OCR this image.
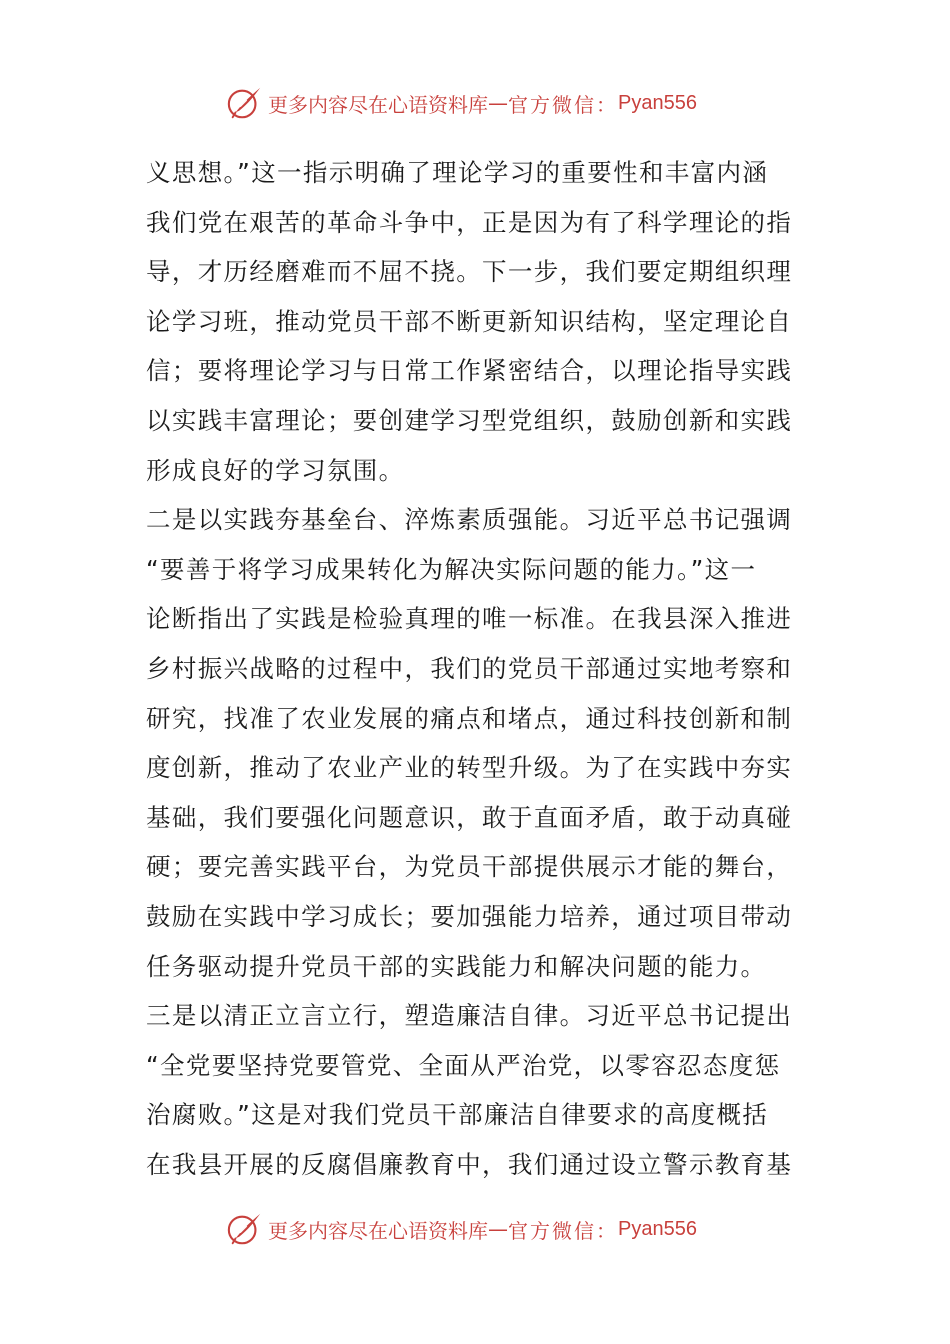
更多内容尽在心语资料库 — 官方微信： Pyan556
义思想。”这一指示明确了理论学习的重要性和丰富内涵
我们党在艰苦的革命斗争中，正是因为有了科学理论的指
导，才历经磨难而不屈不挠。下一步，我们要定期组织理
论学习班，推动党员干部不断更新知识结构，坚定理论自
信；要将理论学习与日常工作紧密结合，以理论指导实践
以实践丰富理论；要创建学习型党组织，鼓励创新和实践
形成良好的学习氛围。
二是以实践夯基垒台、淬炼素质强能。习近平总书记强调
“要善于将学习成果转化为解决实际问题的能力。”这一
论断指出了实践是检验真理的唯一标准。在我县深入推进
乡村振兴战略的过程中，我们的党员干部通过实地考察和
研究，找准了农业发展的痛点和堵点，通过科技创新和制
度创新，推动了农业产业的转型升级。为了在实践中夯实
基础，我们要强化问题意识，敢于直面矛盾，敢于动真碰
硬；要完善实践平台，为党员干部提供展示才能的舞台，
鼓励在实践中学习成长；要加强能力培养，通过项目带动
任务驱动提升党员干部的实践能力和解决问题的能力。
三是以清正立言立行，塑造廉洁自律。习近平总书记提出
“全党要坚持党要管党、全面从严治党，以零容忍态度惩
治腐败。”这是对我们党员干部廉洁自律要求的高度概括
在我县开展的反腐倡廉教育中，我们通过设立警示教育基
更多内容尽在心语资料库 — 官方微信： Pyan556
